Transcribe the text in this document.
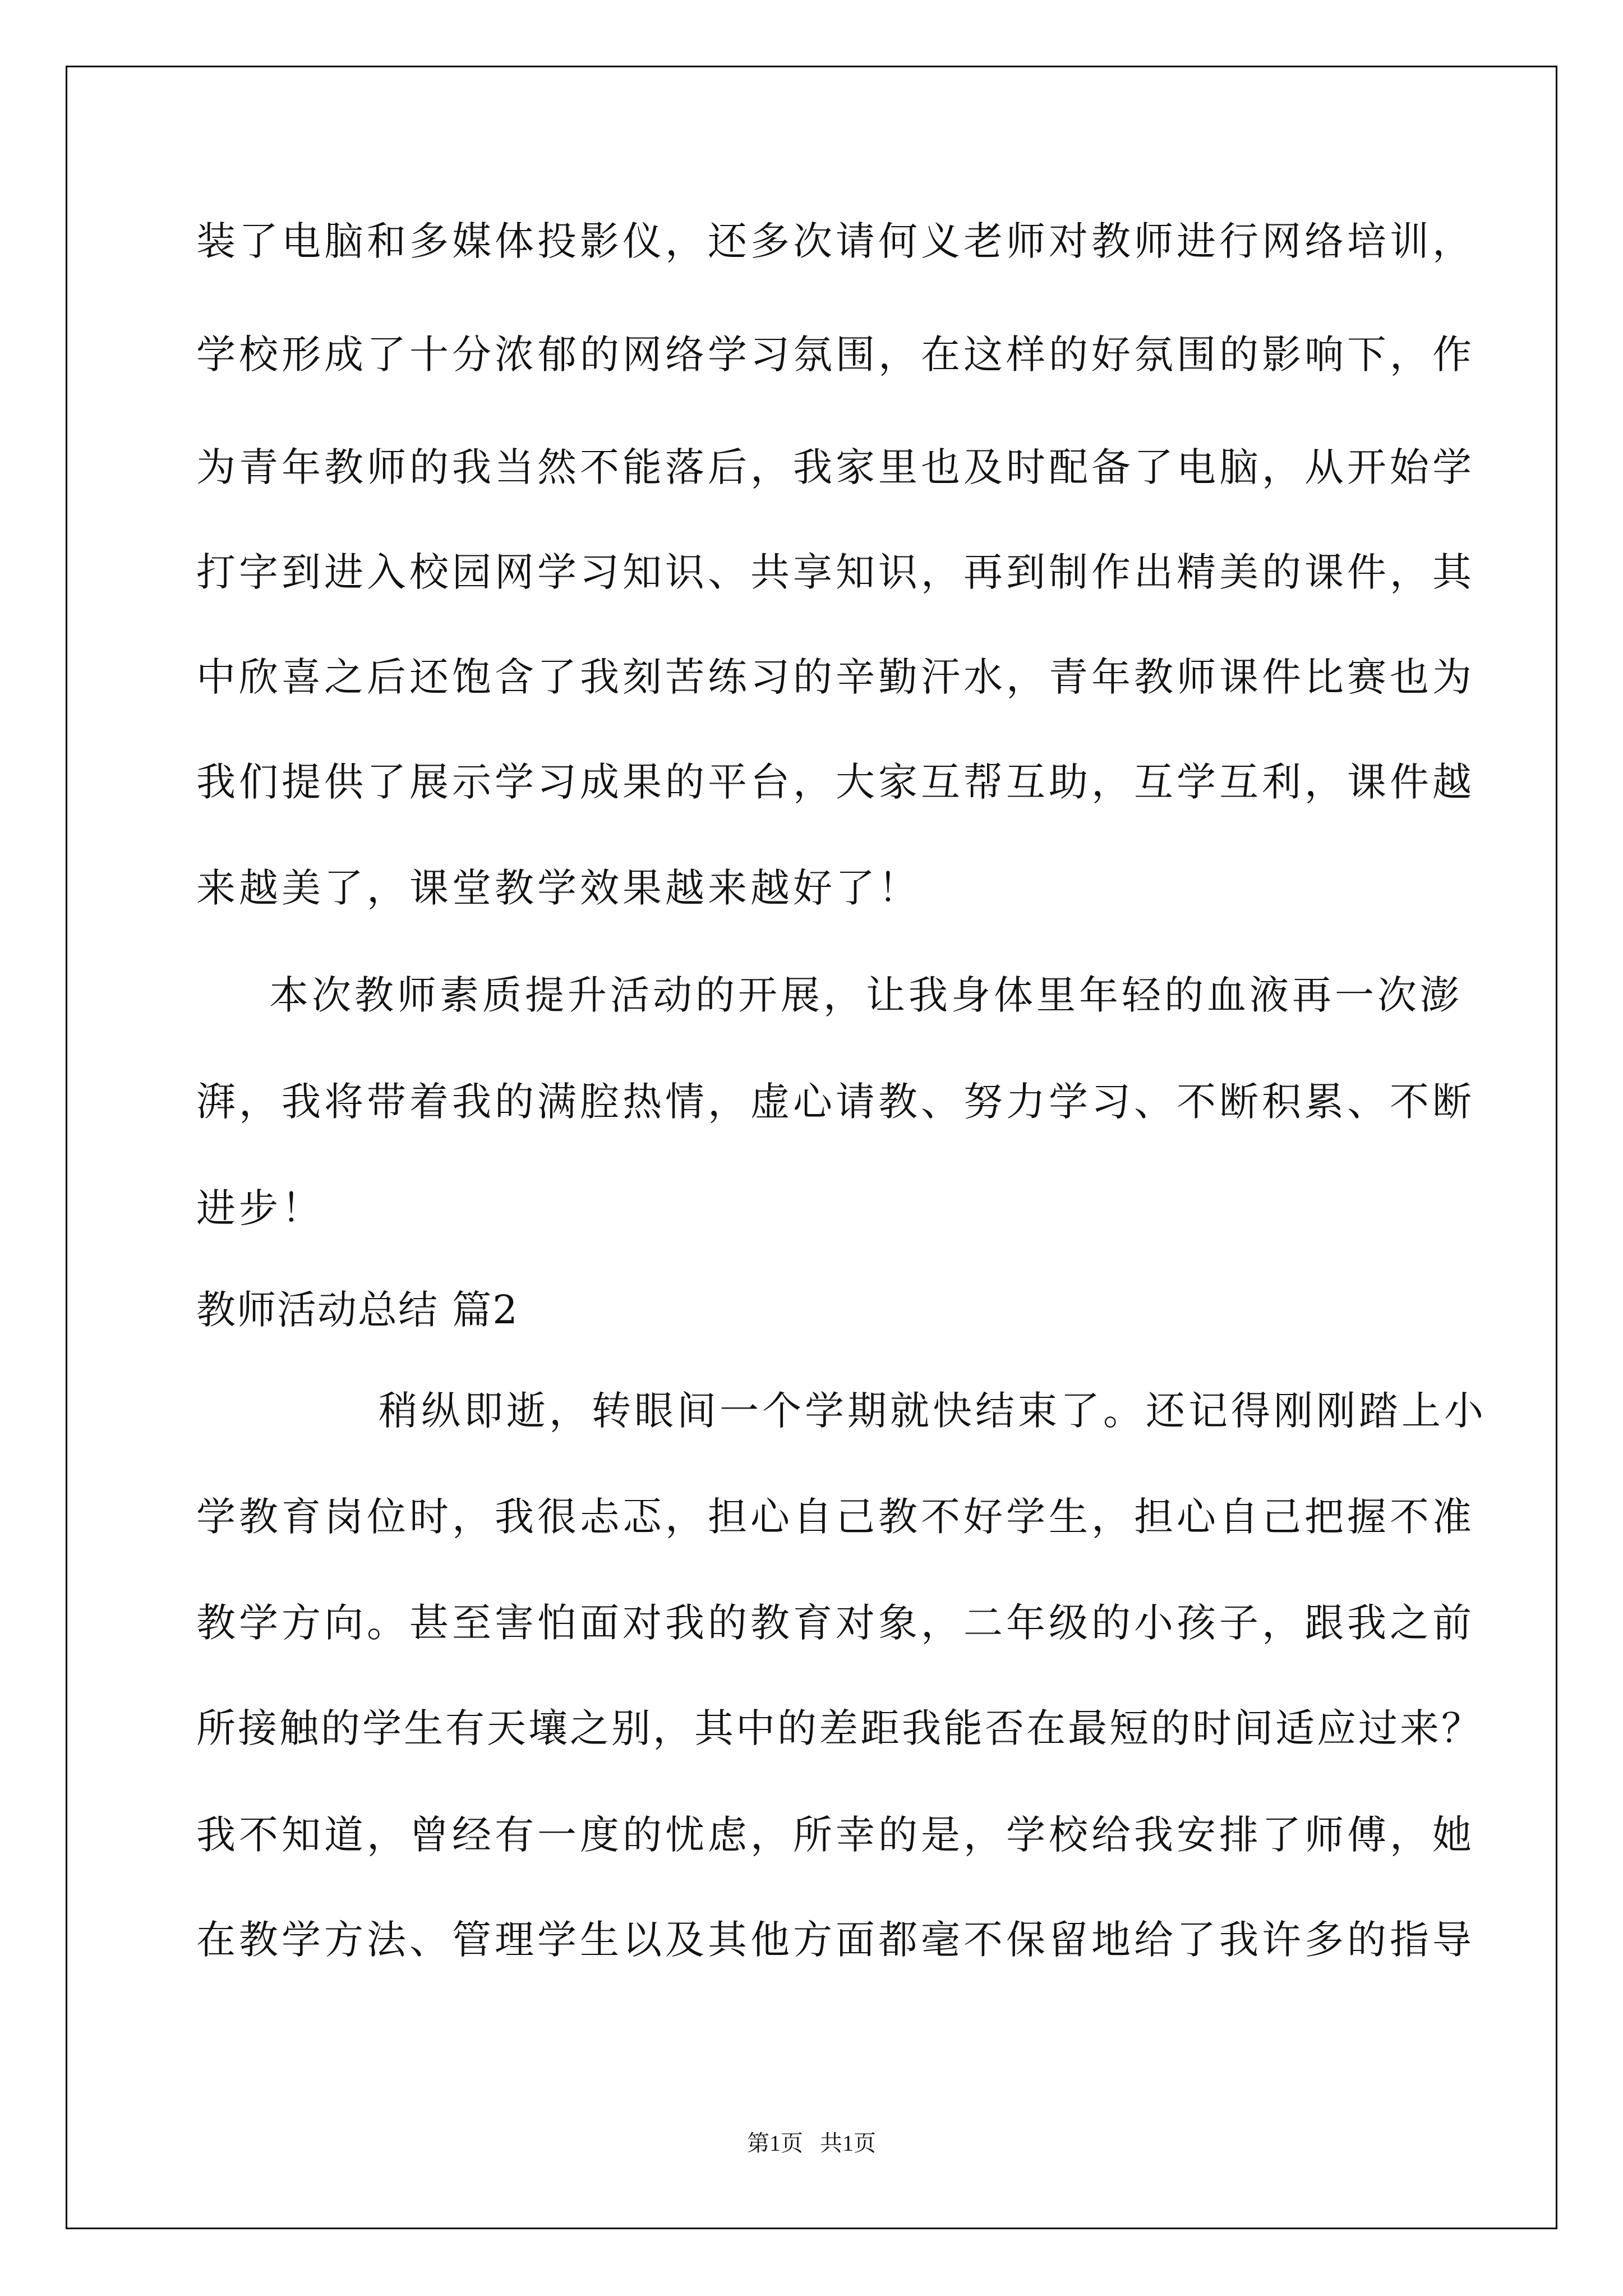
装了电脑和多媒体投影仪，还多次请何义老师对教师进行网络培训，
学校形成了十分浓郁的网络学习氛围，在这样的好氛围的影响下，作
为青年教师的我当然不能落后，我家里也及时配备了电脑，从开始学
打字到进入校园网学习知识、共享知识，再到制作出精美的课件，其
中欣喜之后还饱含了我刻苦练习的辛勤汗水，青年教师课件比赛也为
我们提供了展示学习成果的平台，大家互帮互助，互学互利，课件越
来越美了，课堂教学效果越来越好了！
本次教师素质提升活动的开展，让我身体里年轻的血液再一次澎
湃，我将带着我的满腔热情，虚心请教、努力学习、不断积累、不断
进步！
教师活动总结 篇2
稍纵即逝，转眼间一个学期就快结束了。还记得刚刚踏上小
学教育岗位时，我很忐忑，担心自己教不好学生，担心自己把握不准
教学方向。甚至害怕面对我的教育对象，二年级的小孩子，跟我之前
所接触的学生有天壤之别，其中的差距我能否在最短的时间适应过来？
我不知道，曾经有一度的忧虑，所幸的是，学校给我安排了师傅，她
在教学方法、管理学生以及其他方面都毫不保留地给了我许多的指导
第1页 共1页
